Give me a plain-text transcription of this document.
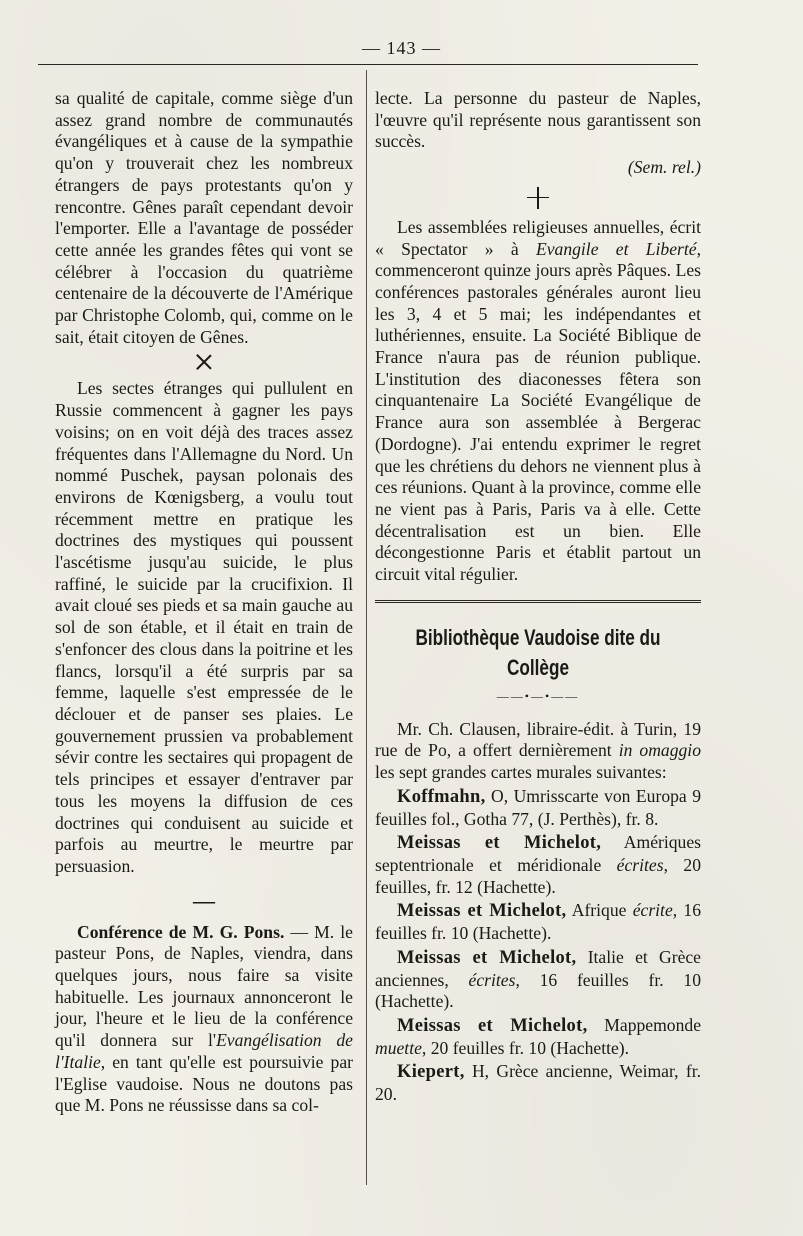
— 143 —

sa qualité de capitale, comme siège d'un assez grand nombre de communautés évangéliques et à cause de la sympathie qu'on y trouverait chez les nombreux étrangers de pays protestants qu'on y rencontre. Gênes paraît cependant devoir l'emporter. Elle a l'avantage de posséder cette année les grandes fêtes qui vont se célébrer à l'occasion du quatrième centenaire de la découverte de l'Amérique par Christophe Colomb, qui, comme on le sait, était citoyen de Gênes.

Les sectes étranges qui pullulent en Russie commencent à gagner les pays voisins; on en voit déjà des traces assez fréquentes dans l'Allemagne du Nord. Un nommé Puschek, paysan polonais des environs de Kœnigsberg, a voulu tout récemment mettre en pratique les doctrines des mystiques qui poussent l'ascétisme jusqu'au suicide, le plus raffiné, le suicide par la crucifixion. Il avait cloué ses pieds et sa main gauche au sol de son étable, et il était en train de s'enfoncer des clous dans la poitrine et les flancs, lorsqu'il a été surpris par sa femme, laquelle s'est empressée de le déclouer et de panser ses plaies. Le gouvernement prussien va probablement sévir contre les sectaires qui propagent de tels principes et essayer d'entraver par tous les moyens la diffusion de ces doctrines qui conduisent au suicide et parfois au meurtre, le meurtre par persuasion.

—

Conférence de M. G. Pons. — M. le pasteur Pons, de Naples, viendra, dans quelques jours, nous faire sa visite habituelle. Les journaux annonceront le jour, l'heure et le lieu de la conférence qu'il donnera sur l'Evangélisation de l'Italie, en tant qu'elle est poursuivie par l'Eglise vaudoise. Nous ne doutons pas que M. Pons ne réussisse dans sa col-

lecte. La personne du pasteur de Naples, l'œuvre qu'il représente nous garantissent son succès.

(Sem. rel.)

Les assemblées religieuses annuelles, écrit « Spectator » à Evangile et Liberté, commenceront quinze jours après Pâques. Les conférences pastorales générales auront lieu les 3, 4 et 5 mai; les indépendantes et luthériennes, ensuite. La Société Biblique de France n'aura pas de réunion publique. L'institution des diaconesses fêtera son cinquantenaire La Société Evangélique de France aura son assemblée à Bergerac (Dordogne). J'ai entendu exprimer le regret que les chrétiens du dehors ne viennent plus à ces réunions. Quant à la province, comme elle ne vient pas à Paris, Paris va à elle. Cette décentralisation est un bien. Elle décongestionne Paris et établit partout un circuit vital régulier.

Bibliothèque Vaudoise dite du Collège
——•—•——

Mr. Ch. Clausen, libraire-édit. à Turin, 19 rue de Po, a offert dernièrement in omaggio les sept grandes cartes murales suivantes:

Koffmahn, O, Umrisscarte von Europa 9 feuilles fol., Gotha 77, (J. Perthès), fr. 8.

Meissas et Michelot, Amériques septentrionale et méridionale écrites, 20 feuilles, fr. 12 (Hachette).

Meissas et Michelot, Afrique écrite, 16 feuilles fr. 10 (Hachette).

Meissas et Michelot, Italie et Grèce anciennes, écrites, 16 feuilles fr. 10 (Hachette).

Meissas et Michelot, Mappemonde muette, 20 feuilles fr. 10 (Hachette).

Kiepert, H, Grèce ancienne, Weimar, fr. 20.
